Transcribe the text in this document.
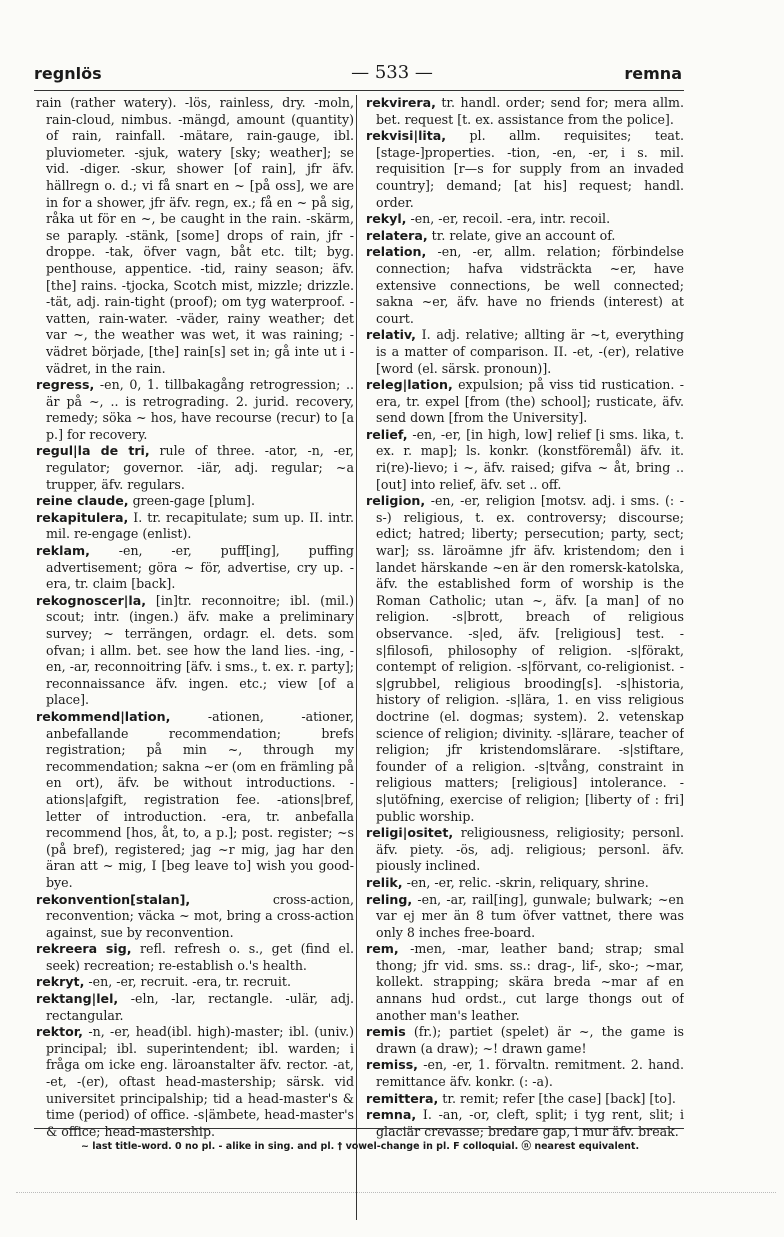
regnlös	— 533 —	remna

rain (rather watery). -lös, rainless, dry. -moln, rain-cloud, nimbus. -mängd, amount (quantity) of rain, rainfall. -mätare, rain-gauge, ibl. pluviometer. -sjuk, watery [sky; weather]; se vid. -diger. -skur, shower [of rain], jfr äfv. hällregn o. d.; vi få snart en ~ [på oss], we are in for a shower, jfr äfv. regn, ex.; få en ~ på sig, råka ut för en ~, be caught in the rain. -skärm, se paraply. -stänk, [some] drops of rain, jfr -droppe. -tak, öfver vagn, båt etc. tilt; byg. penthouse, appentice. -tid, rainy season; äfv. [the] rains. -tjocka, Scotch mist, mizzle; drizzle. -tät, adj. rain-tight (proof); om tyg waterproof. -vatten, rain-water. -väder, rainy weather; det var ~, the weather was wet, it was raining; -vädret började, [the] rain[s] set in; gå inte ut i -vädret, in the rain.

regress, -en, 0, 1. tillbakagång retrogression; .. är på ~, .. is retrograding. 2. jurid. recovery, remedy; söka ~ hos, have recourse (recur) to [a p.] for recovery.

regul|la de tri, rule of three. -ator, -n, -er, regulator; governor. -iär, adj. regular; ~a trupper, äfv. regulars.

reine claude, green-gage [plum].

rekapitulera, I. tr. recapitulate; sum up. II. intr. mil. re-engage (enlist).

reklam, -en, -er, puff[ing], puffing advertisement; göra ~ för, advertise, cry up. -era, tr. claim [back].

rekognoscer|la, [in]tr. reconnoitre; ibl. (mil.) scout; intr. (ingen.) äfv. make a preliminary survey; ~ terrängen, ordagr. el. dets. som ofvan; i allm. bet. see how the land lies. -ing, -en, -ar, reconnoitring [äfv. i sms., t. ex. r. party]; reconnaissance äfv. ingen. etc.; view [of a place].

rekommend|lation,	-ationen, -ationer, anbefallande recommendation; brefs registration; på min ~, through my recommendation; sakna ~er (om en främling på en ort), äfv. be without introductions. -ations|afgift, registration fee. -ations|bref, letter of introduction. -era, tr. anbefalla recommend [hos, åt, to, a p.]; post. register; ~s (på bref), registered; jag ~r mig, jag har den äran att ~ mig, I [beg leave to] wish you good-bye.

rekonvention[stalan],	cross-action, reconvention; väcka ~ mot, bring a cross-action against, sue by reconvention.

rekreera sig, refl. refresh o. s., get (find el. seek) recreation; re-establish o.'s health.

rekryt, -en, -er, recruit. -era, tr. recruit.

rektang|lel, -eln, -lar, rectangle. -ulär, adj. rectangular.

rektor, -n, -er, head(ibl. high)-master; ibl. (univ.) principal; ibl. superintendent; ibl. warden; i fråga om icke eng. läroanstalter äfv. rector. -at, -et, -(er), oftast head-mastership; särsk. vid universitet principalship; tid a head-master's & time (period) of office. -s|ämbete, head-master's & office; head-mastership.

rekvirera, tr. handl. order; send for; mera allm. bet. request [t. ex. assistance from the police].

rekvisi|lita, pl. allm. requisites; teat. [stage-]properties. -tion, -en, -er, i s. mil. requisition [r—s for supply from an invaded country]; demand; [at his] request; handl. order.

rekyl, -en, -er, recoil. -era, intr. recoil.

relatera, tr. relate, give an account of.

relation, -en, -er, allm. relation; förbindelse connection; hafva vidsträckta ~er, have extensive connections, be well connected; sakna ~er, äfv. have no friends (interest) at court.

relativ, I. adj. relative; allting är ~t, everything is a matter of comparison. II. -et, -(er), relative [word (el. särsk. pronoun)].

releg|lation, expulsion; på viss tid rustication. -era, tr. expel [from (the) school]; rusticate, äfv. send down [from the University].

relief, -en, -er, [in high, low] relief [i sms. lika, t. ex. r. map]; ls. konkr. (konstföremål) äfv. it. ri(re)-lievo; i ~, äfv. raised; gifva ~ åt, bring .. [out] into relief, äfv. set .. off.

religion, -en, -er, religion [motsv. adj. i sms. (: -s-) religious, t. ex. controversy; discourse; edict; hatred; liberty; persecution; party, sect; war]; ss. läroämne jfr äfv. kristendom; den i landet härskande ~en är den romersk-katolska, äfv. the established form of worship is the Roman Catholic; utan ~, äfv. [a man] of no religion. -s|brott, breach of religious observance. -s|ed, äfv. [religious] test. -s|filosofi, philosophy of religion. -s|förakt, contempt of religion. -s|förvant, co-religionist. -s|grubbel, religious brooding[s]. -s|historia, history of religion. -s|lära, 1. en viss religious doctrine (el. dogmas; system). 2. vetenskap science of religion; divinity. -s|lärare, teacher of religion; jfr kristendomslärare. -s|stiftare, founder of a religion. -s|tvång, constraint in religious matters; [religious] intolerance. -s|utöfning, exercise of religion; [liberty of : fri] public worship.

religi|ositet, religiousness, religiosity; personl. äfv. piety. -ös, adj. religious; personl. äfv. piously inclined.

relik, -en, -er, relic. -skrin, reliquary, shrine.

reling, -en, -ar, rail[ing], gunwale; bulwark; ~en var ej mer än 8 tum öfver vattnet, there was only 8 inches free-board.

rem, -men, -mar, leather band; strap; smal thong; jfr vid. sms. ss.: drag-, lif-, sko-; ~mar, kollekt. strapping; skära breda ~mar af en annans hud ordst., cut large thongs out of another man's leather.

remis (fr.); partiet (spelet) är ~, the game is drawn (a draw); ~! drawn game!

remiss, -en, -er, 1. förvaltn. remitment. 2. hand. remittance äfv. konkr. (: -a).

remittera, tr. remit; refer [the case] [back] [to].

remna, I. -an, -or, cleft, split; i tyg rent, slit; i glaciär crevasse; bredare gap, i mur äfv. break.

~ last title-word. 0 no pl. - alike in sing. and pl. † vowel-change in pl. F colloquial. ⓝ nearest equivalent.
